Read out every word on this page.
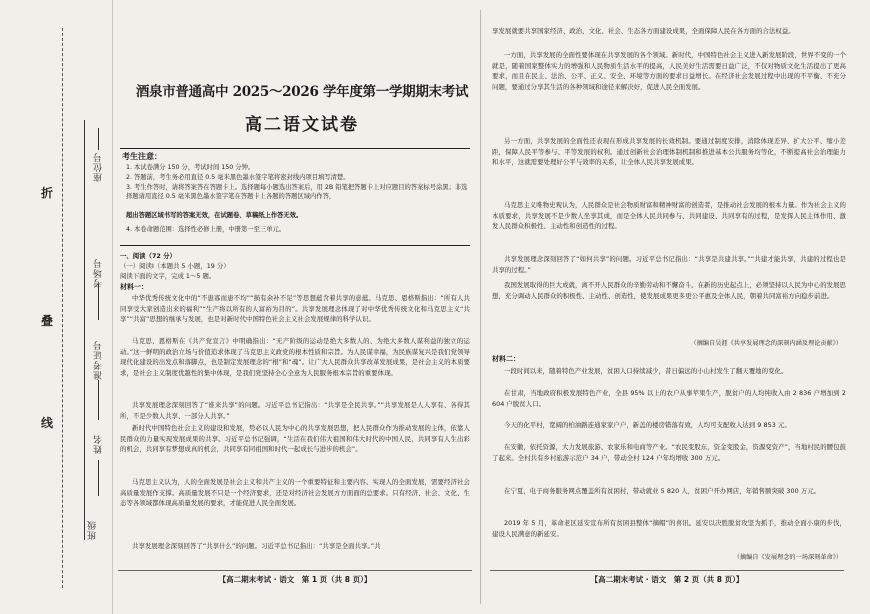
折
叠
线
座位号
考场号
准考证号
姓名
班级
酒泉市普通高中 2025～2026 学年度第一学期期末考试
高二语文试卷
考生注意：
1. 本试卷满分 150 分，考试时间 150 分钟。
2. 答题前，考生务必用直径 0.5 毫米黑色墨水签字笔将密封线内项目填写清楚。
3. 考生作答时，请将答案答在答题卡上。选择题每小题选出答案后，用 2B 铅笔把答题卡上对应题目的答案标号涂黑；非选择题请用直径 0.5 毫米黑色墨水签字笔在答题卡上各题的答题区域内作答，
超出答题区域书写的答案无效，在试题卷、草稿纸上作答无效。
4. 本卷命题范围：选择性必修上册，中册第一至三单元。
一、阅读（72 分）
（一）阅读Ⅰ（本题共 5 小题，19 分）
阅读下面的文字，完成 1～5 题。
材料一：
中华优秀传统文化中的“不患寡而患不均”“损有余补不足”等思想蕴含着共享的意蕴。马克思、恩格斯指出：“所有人共同享受大家创造出来的福利”“生产将以所有的人富裕为目的”。共享发展理念体现了对中华优秀传统文化和马克思主义“共享”“共富”思想的继承与发展，也是对新时代中国特色社会主义社会发展规律的科学认识。
马克思、恩格斯在《共产党宣言》中明确指出：“无产阶级的运动是绝大多数人的、为绝大多数人谋利益的独立的运动。”这一鲜明的政治立场与价值追求体现了马克思主义政党的根本性质和宗旨。为人民谋幸福，为民族谋复兴是我们党领导现代化建设的出发点和落脚点，也是制定发展理念的“根”和“魂”。让广大人民群众共享改革发展成果，是社会主义的本质要求，是社会主义制度优越性的集中体现，是我们党坚持全心全意为人民服务根本宗旨的重要体现。
共享发展理念深刻回答了“谁来共享”的问题。习近平总书记指出：“共享是全民共享。”“共享发展是人人享有、各得其所，不是少数人共享、一部分人共享。”
新时代中国特色社会主义的建设和发展，势必以人民为中心的共享发展思想，把人民群众作为推动发展的主体，依靠人民群众的力量实现发展成果的共享。习近平总书记强调，“生活在我们伟大祖国和伟大时代的中国人民，共同享有人生出彩的机会，共同享有梦想成真的机会，共同享有同祖国和时代一起成长与进步的机会”。
马克思主义认为，人的全面发展是社会主义和共产主义的一个重要特征和主要内容。实现人的全面发展，需要经济社会高质量发展作支撑。高质量发展不只是一个经济要求，还是对经济社会发展方方面面的总要求。只有经济、社会、文化、生态等各领域都体现高质量发展的要求，才能促进人民全面发展。
共享发展理念深刻回答了“共享什么”的问题。习近平总书记指出：“共享是全面共享。”共
【高二期末考试 · 语文　第 1 页（共 8 页）】
享发展就要共享国家经济、政治、文化、社会、生态各方面建设成果，全面保障人民在各方面的合法权益。
一方面，共享发展的全面性要体现在共享发展的各个领域。新时代，中国特色社会主义进入新发展阶段，世界不变的一个就是，随着国家整体实力的增强和人民物质生活水平的提高，人民美好生活需要日益广泛，不仅对物质文化生活提出了更高要求，而且在民主、法治、公平、正义、安全、环境等方面的要求日益增长。在经济社会发展过程中出现的不平衡、不充分问题，要通过分享其生活的各种领域和途径来解决好，促进人民全面发展。
另一方面，共享发展的全面性还表现在形成共享发展的长效机制。要通过制度安排，消除体现差异、扩大公平、缩小差距，保障人民平等参与、平等发展的权利。通过创新社会治理体制机制和推进基本公共服务均等化，不断提高社会治理能力和水平，这就需要处理好公平与效率的关系，让全体人民共享发展成果。
马克思主义唯物史观认为，人民群众是社会物质财富和精神财富的创造者，是推动社会发展的根本力量。作为社会主义的本质要求，共享发展不是少数人坐享其成，而是全体人民共同参与、共同建设、共同享有的过程，是发挥人民主体作用、激发人民群众积极性、主动性和创造性的过程。
共享发展理念深刻回答了“如何共享”的问题。习近平总书记指出：“共享是共建共享。”“共建才能共享，共建的过程也是共享的过程。”
我国发展取得的巨大成就，离不开人民群众的辛勤劳动和不懈奋斗。在新的历史起点上，必须坚持以人民为中心的发展思想，充分调动人民群众的积极性、主动性、创造性，使发展成果更多更公平惠及全体人民，朝着共同富裕方向稳步前进。
（摘编自吴涯《共享发展理念的深刻内涵及理论贡献》）
材料二：
一段时间以来，随着特色产业发展，贫困人口持续减少，昔日偏远的小山村发生了翻天覆地的变化。
在甘肃，当地政府积极发展特色产业，全县 95% 以上的农户从事苹果生产，脱贫户的人均纯收入由 2 836 户增加到 2 604 户脱贫人口。
今天的化平村，宽阔的柏油路连通家家户户，新盖的楼房错落有致，人均可支配收入达到 9 853 元。
在安徽，依托资源，大力发展旅游、农家乐和电商等产业。“农民变股东，资金变股金，资源变资产”，当地村民的腰包鼓了起来。全村共有乡村旅游示范户 34 户，带动全村 124 户年均增收 300 万元。
在宁夏，电子商务服务网点覆盖所有贫困村，带动就业 5 820 人，贫困户开办网店，年销售额突破 300 万元。
2019 年 5 月，革命老区延安宣布所有贫困县整体“摘帽”的喜讯。延安以决胜脱贫攻坚为抓手，推动全面小康的步伐，建设人民满意的新延安。
（摘编自《发展理念的一场深刻革命》）
【高二期末考试 · 语文　第 2 页（共 8 页）】
